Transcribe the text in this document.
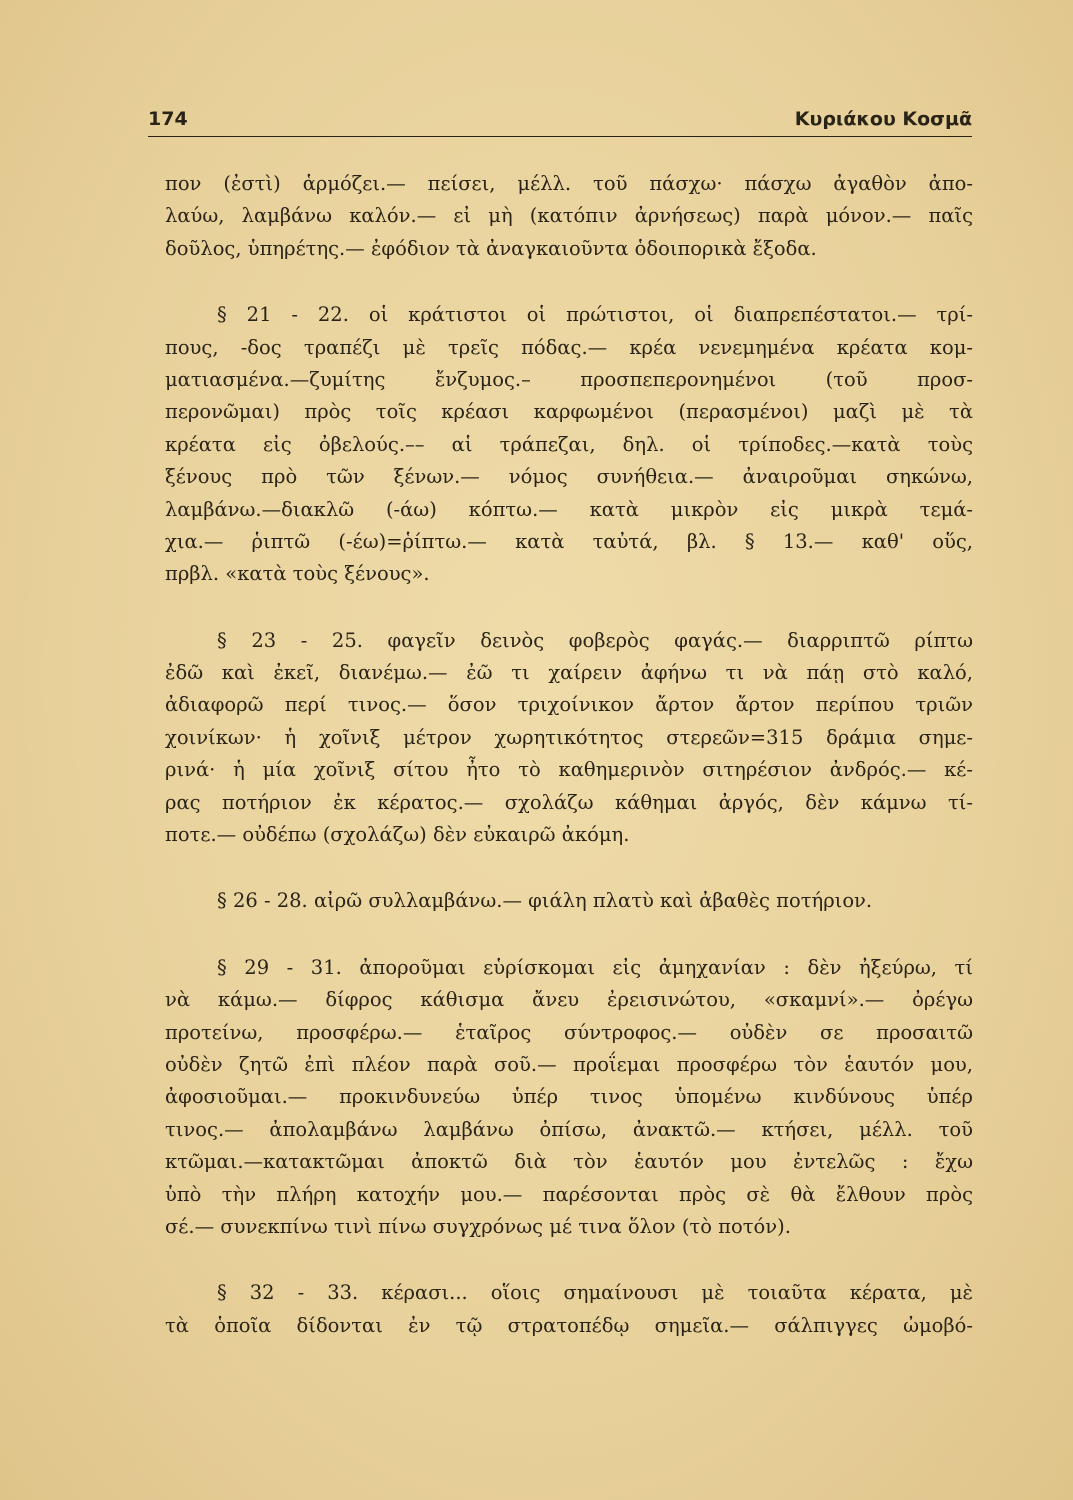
174	Κυριάκου Κοσμᾶ

πον (ἐστὶ) ἁρμόζει.— πείσει, μέλλ. τοῦ πάσχω· πάσχω ἀγαθὸν ἀπο-
λαύω, λαμβάνω καλόν.— εἰ μὴ (κατόπιν ἀρνήσεως) παρὰ μόνον.— παῖς
δοῦλος, ὑπηρέτης.— ἐφόδιον τὰ ἀναγκαιοῦντα ὁδοιπορικὰ ἔξοδα.

§ 21 - 22. οἱ κράτιστοι οἱ πρώτιστοι, οἱ διαπρεπέστατοι.— τρί-
πους, -δος τραπέζι μὲ τρεῖς πόδας.— κρέα νενεμημένα κρέατα κομ-
ματιασμένα.—ζυμίτης ἔνζυμος.– προσπεπερονημένοι (τοῦ προσ-
περονῶμαι) πρὸς τοῖς κρέασι καρφωμένοι (περασμένοι) μαζὶ μὲ τὰ
κρέατα εἰς ὀβελούς.–– αἱ τράπεζαι, δηλ. οἱ τρίποδες.—κατὰ τοὺς
ξένους πρὸ τῶν ξένων.— νόμος συνήθεια.— ἀναιροῦμαι σηκώνω,
λαμβάνω.—διακλῶ (-άω) κόπτω.— κατὰ μικρὸν εἰς μικρὰ τεμά-
χια.— ῥιπτῶ (-έω)=ῥίπτω.— κατὰ ταὐτά, βλ. § 13.— καθ' οὕς,
πρβλ. «κατὰ τοὺς ξένους».

§ 23 - 25. φαγεῖν δεινὸς φοβερὸς φαγάς.— διαρριπτῶ ρίπτω
ἐδῶ καὶ ἐκεῖ, διανέμω.— ἐῶ τι χαίρειν ἀφήνω τι νὰ πάῃ στὸ καλό,
ἀδιαφορῶ περί τινος.— ὅσον τριχοίνικον ἄρτον ἄρτον περίπου τριῶν
χοινίκων· ἡ χοῖνιξ μέτρον χωρητικότητος στερεῶν=315 δράμια σημε-
ρινά· ἡ μία χοῖνιξ σίτου ἦτο τὸ καθημερινὸν σιτηρέσιον ἀνδρός.— κέ-
ρας ποτήριον ἐκ κέρατος.— σχολάζω κάθημαι ἀργός, δὲν κάμνω τί-
ποτε.— οὐδέπω (σχολάζω) δὲν εὐκαιρῶ ἀκόμη.

§ 26 - 28. αἰρῶ συλλαμβάνω.— φιάλη πλατὺ καὶ ἀβαθὲς ποτήριον.

§ 29 - 31. ἀποροῦμαι εὑρίσκομαι εἰς ἀμηχανίαν : δὲν ἠξεύρω, τί
νὰ κάμω.— δίφρος κάθισμα ἄνευ ἐρεισινώτου, «σκαμνί».— ὀρέγω
προτείνω, προσφέρω.— ἑταῖρος σύντροφος.— οὐδὲν σε προσαιτῶ
οὐδὲν ζητῶ ἐπὶ πλέον παρὰ σοῦ.— προΐεμαι προσφέρω τὸν ἑαυτόν μου,
ἀφοσιοῦμαι.— προκινδυνεύω ὑπέρ τινος ὑπομένω κινδύνους ὑπέρ
τινος.— ἀπολαμβάνω λαμβάνω ὀπίσω, ἀνακτῶ.— κτήσει, μέλλ. τοῦ
κτῶμαι.—κατακτῶμαι ἀποκτῶ διὰ τὸν ἑαυτόν μου ἐντελῶς : ἔχω
ὑπὸ τὴν πλήρη κατοχήν μου.— παρέσονται πρὸς σὲ θὰ ἔλθουν πρὸς
σέ.— συνεκπίνω τινὶ πίνω συγχρόνως μέ τινα ὅλον (τὸ ποτόν).

§ 32 - 33. κέρασι... οἵοις σημαίνουσι μὲ τοιαῦτα κέρατα, μὲ
τὰ ὁποῖα δίδονται ἐν τῷ στρατοπέδῳ σημεῖα.— σάλπιγγες ὠμοβό-
